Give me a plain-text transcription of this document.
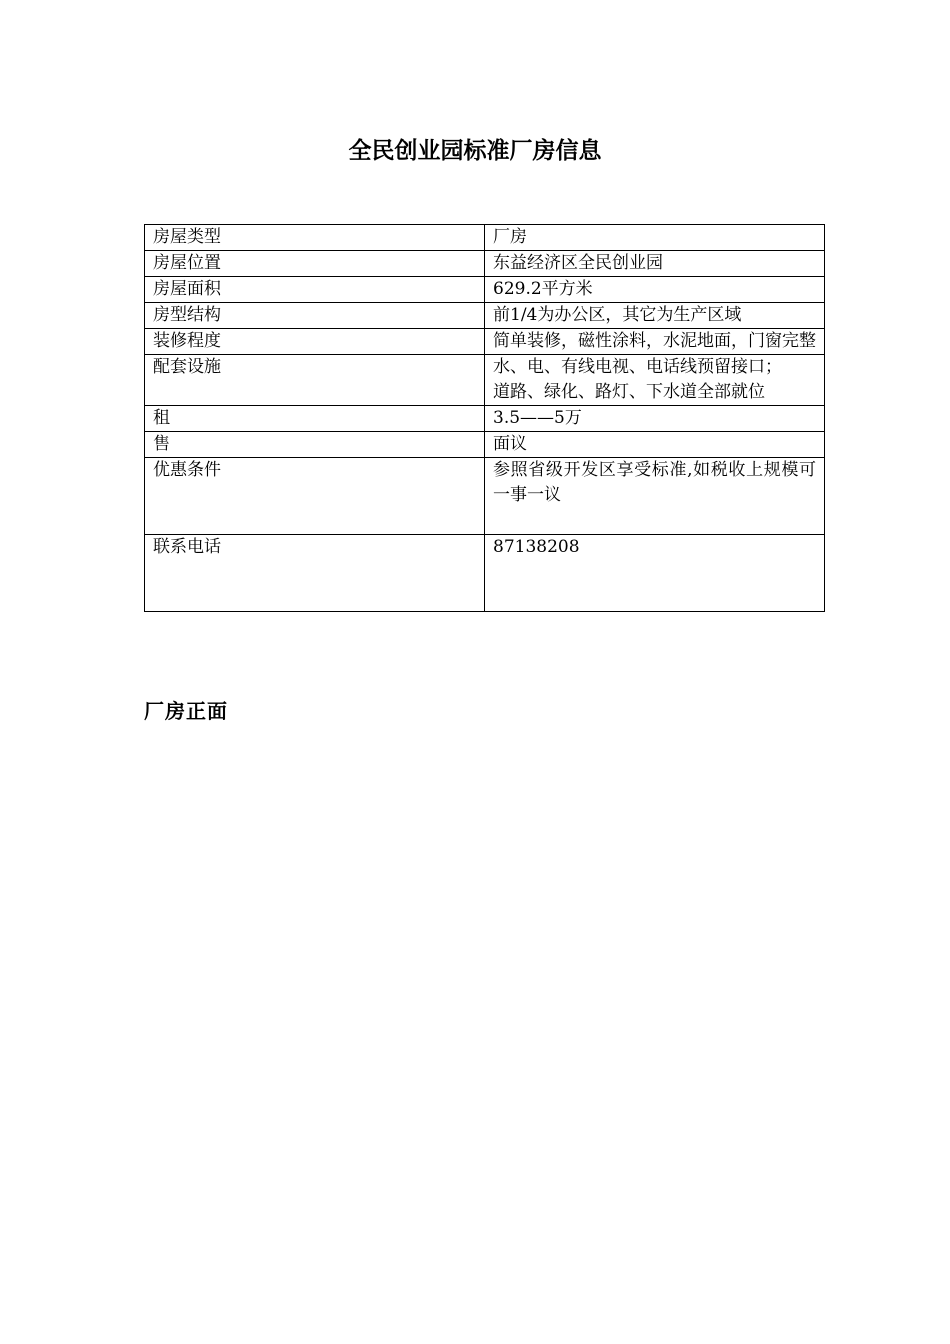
全民创业园标准厂房信息
房屋类型	厂房

房屋位置	东益经济区全民创业园

房屋面积	629.2平方米

房型结构	前1/4为办公区，其它为生产区域

装修程度	简单装修，磁性涂料，水泥地面，门窗完整

配套设施	水、电、有线电视、电话线预留接口；
道路、绿化、路灯、下水道全部就位

租	3.5——5万

售	面议

优惠条件	参照省级开发区享受标准,如税收上规模可一事一议

联系电话	87138208
厂房正面
